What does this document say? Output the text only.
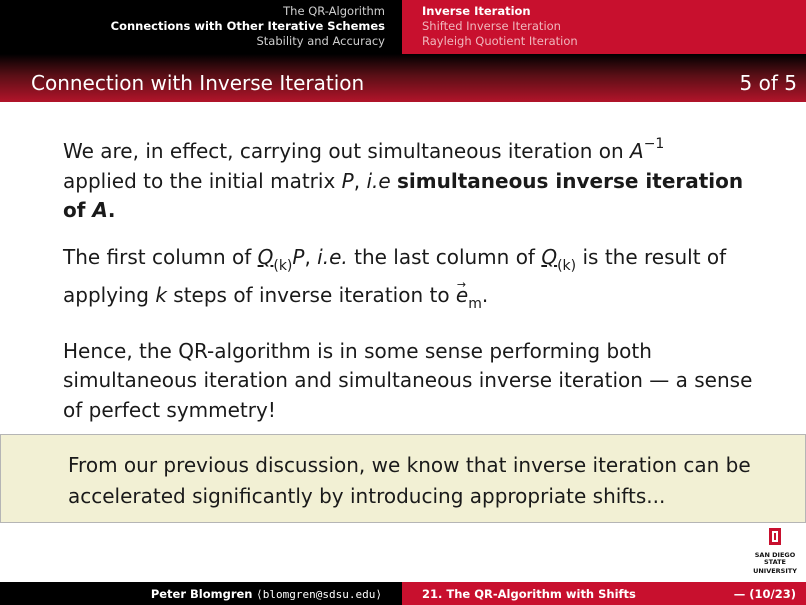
The QR-Algorithm
Connections with Other Iterative Schemes
Stability and Accuracy
Inverse Iteration
Shifted Inverse Iteration
Rayleigh Quotient Iteration
Connection with Inverse Iteration	5 of 5

We are, in effect, carrying out simultaneous iteration on $A^{-1}$
applied to the initial matrix P, i.e simultaneous inverse iteration of A.

The first column of $Q_{(k)}P$, i.e. the last column of $Q_{(k)}$ is the result of applying k steps of inverse iteration to → $e_m$.

Hence, the QR-algorithm is in some sense performing both simultaneous iteration and simultaneous inverse iteration — a sense of perfect symmetry!

From our previous discussion, we know that inverse iteration can be accelerated significantly by introducing appropriate shifts...
SAN DIEGO STATE
UNIVERSITY
Peter Blomgren ⟨blomgren@sdsu.edu⟩	21. The QR-Algorithm with Shifts	— (10/23)
